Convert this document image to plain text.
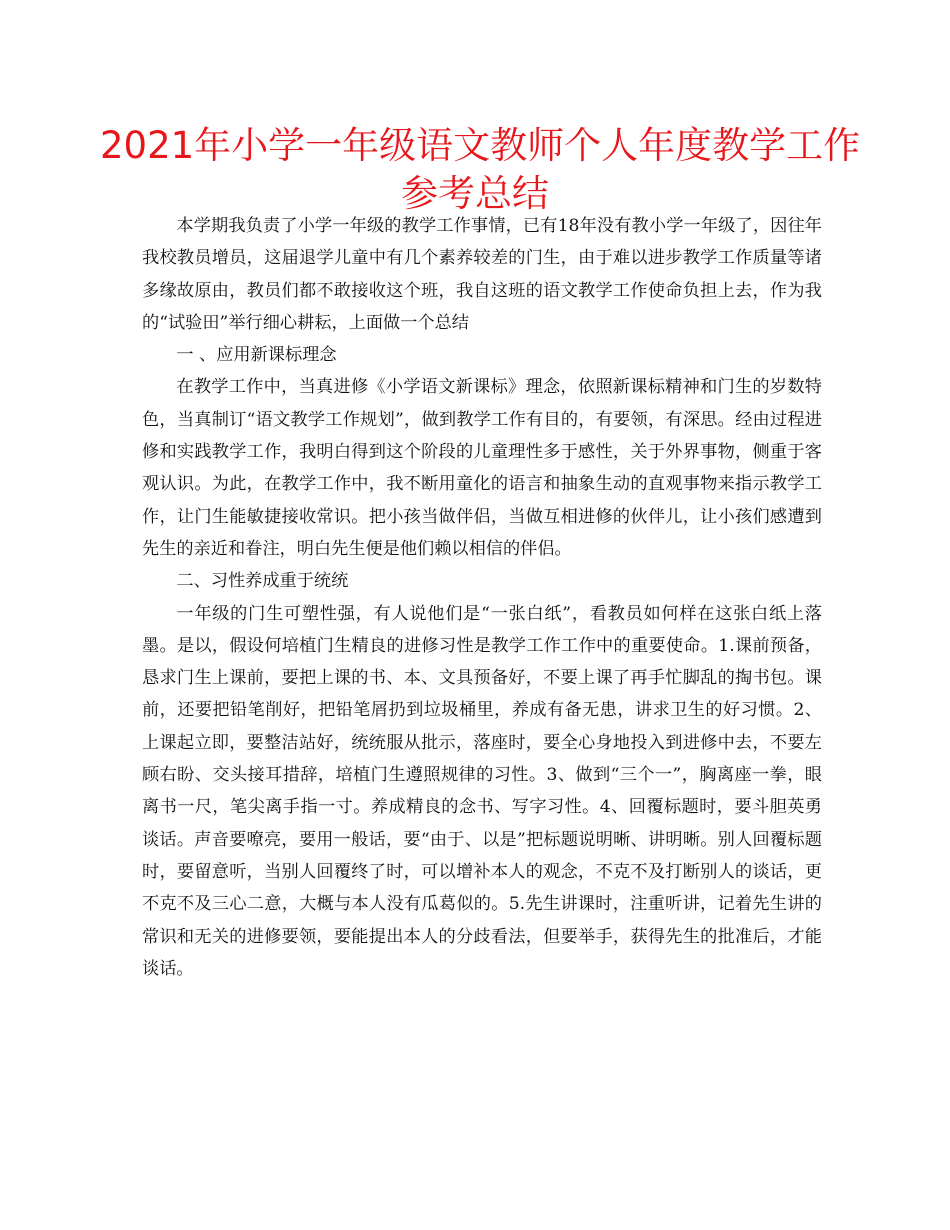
2021年小学一年级语文教师个人年度教学工作
参考总结

本学期我负责了小学一年级的教学工作事情，已有18年没有教小学一年级了，因往年我校教员增员，这届退学儿童中有几个素养较差的门生，由于难以进步教学工作质量等诸多缘故原由，教员们都不敢接收这个班，我自这班的语文教学工作使命负担上去，作为我的“试验田”举行细心耕耘，上面做一个总结

一 、应用新课标理念

在教学工作中，当真进修《小学语文新课标》理念，依照新课标精神和门生的岁数特色，当真制订“语文教学工作规划”，做到教学工作有目的，有要领，有深思。经由过程进修和实践教学工作，我明白得到这个阶段的儿童理性多于感性，关于外界事物，侧重于客观认识。为此，在教学工作中，我不断用童化的语言和抽象生动的直观事物来指示教学工作，让门生能敏捷接收常识。把小孩当做伴侣，当做互相进修的伙伴儿，让小孩们感遭到先生的亲近和眷注，明白先生便是他们赖以相信的伴侣。

二、习性养成重于统统

一年级的门生可塑性强，有人说他们是“一张白纸”，看教员如何样在这张白纸上落墨。是以，假设何培植门生精良的进修习性是教学工作工作中的重要使命。1.课前预备，恳求门生上课前，要把上课的书、本、文具预备好，不要上课了再手忙脚乱的掏书包。课前，还要把铅笔削好，把铅笔屑扔到垃圾桶里，养成有备无患，讲求卫生的好习惯。2、上课起立即，要整洁站好，统统服从批示，落座时，要全心身地投入到进修中去，不要左顾右盼、交头接耳措辞，培植门生遵照规律的习性。3、做到“三个一”，胸离座一拳，眼离书一尺，笔尖离手指一寸。养成精良的念书、写字习性。4、回覆标题时，要斗胆英勇谈话。声音要嘹亮，要用一般话，要“由于、以是”把标题说明晰、讲明晰。别人回覆标题时，要留意听，当别人回覆终了时，可以增补本人的观念，不克不及打断别人的谈话，更不克不及三心二意，大概与本人没有瓜葛似的。5.先生讲课时，注重听讲，记着先生讲的常识和无关的进修要领，要能提出本人的分歧看法，但要举手，获得先生的批准后，才能谈话。
